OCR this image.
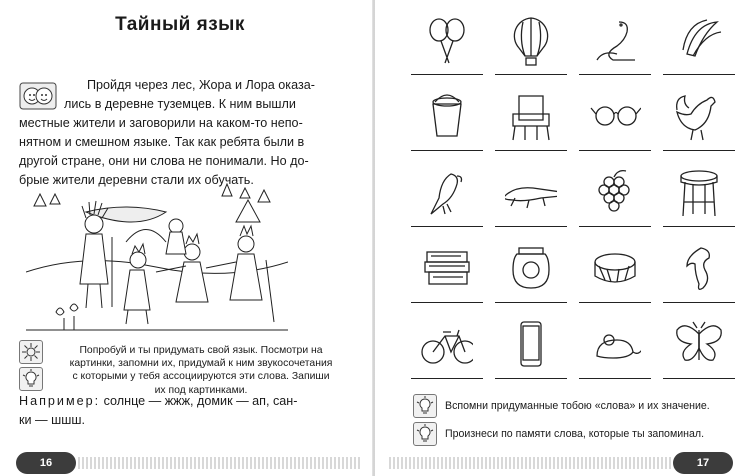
Тайный язык
Пройдя через лес, Жора и Лора оказа-
лись в деревне туземцев. К ним вышли
местные жители и заговорили на каком-то непо-
нятном и смешном языке. Так как ребята были в
другой стране, они ни слова не понимали. Но до-
брые жители деревни стали их обучать.
Попробуй и ты придумать свой язык. Посмотри на
картинки, запомни их, придумай к ним звукосочетания
с которыми у тебя ассоциируются эти слова. Запиши
их под картинками.
Например: солнце — жжж, домик — ап, сан-
ки — шшш.
16
Вспомни придуманные тобою «слова» и их значение.
Произнеси по памяти слова, которые ты запоминал.
17
